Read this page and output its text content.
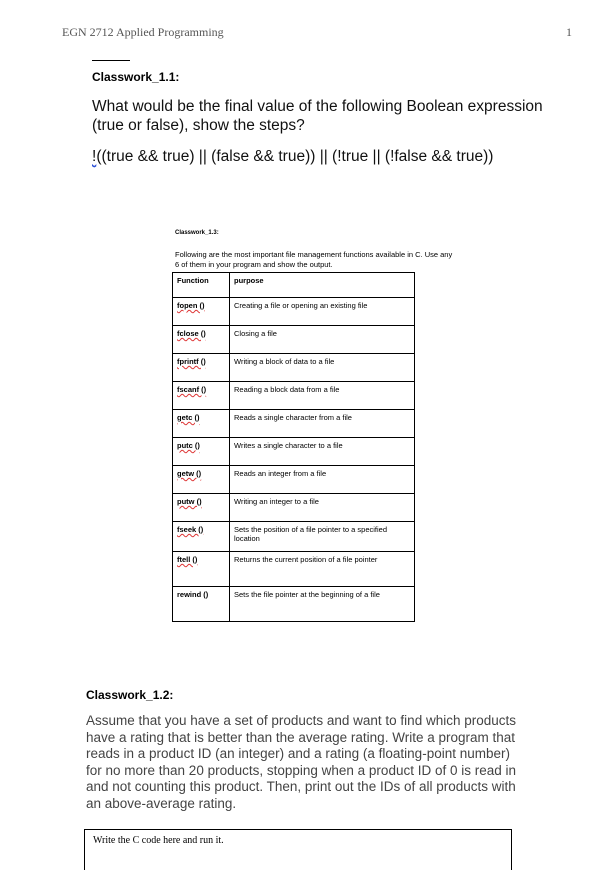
EGN 2712 Applied Programming	1
Classwork_1.1:
What would be the final value of the following Boolean expression (true or false), show the steps?
!((true && true) || (false && true)) || (!true || (!false && true))
Classwork_1.3:
Following are the most important file management functions available in C. Use any 6 of them in your program and show the output.
Function	purpose
fopen ()	Creating a file or opening an existing file
fclose ()	Closing a file
fprintf ()	Writing a block of data to a file
fscanf ()	Reading a block data from a file
getc ()	Reads a single character from a file
putc ()	Writes a single character to a file
getw ()	Reads an integer from a file
putw ()	Writing an integer to a file
fseek ()	Sets the position of a file pointer to a specified location
ftell ()	Returns the current position of a file pointer
rewind ()	Sets the file pointer at the beginning of a file
Classwork_1.2:
Assume that you have a set of products and want to find which products have a rating that is better than the average rating. Write a program that reads in a product ID (an integer) and a rating (a floating-point number) for no more than 20 products, stopping when a product ID of 0 is read in and not counting this product. Then, print out the IDs of all products with an above-average rating.
Write the C code here and run it.
